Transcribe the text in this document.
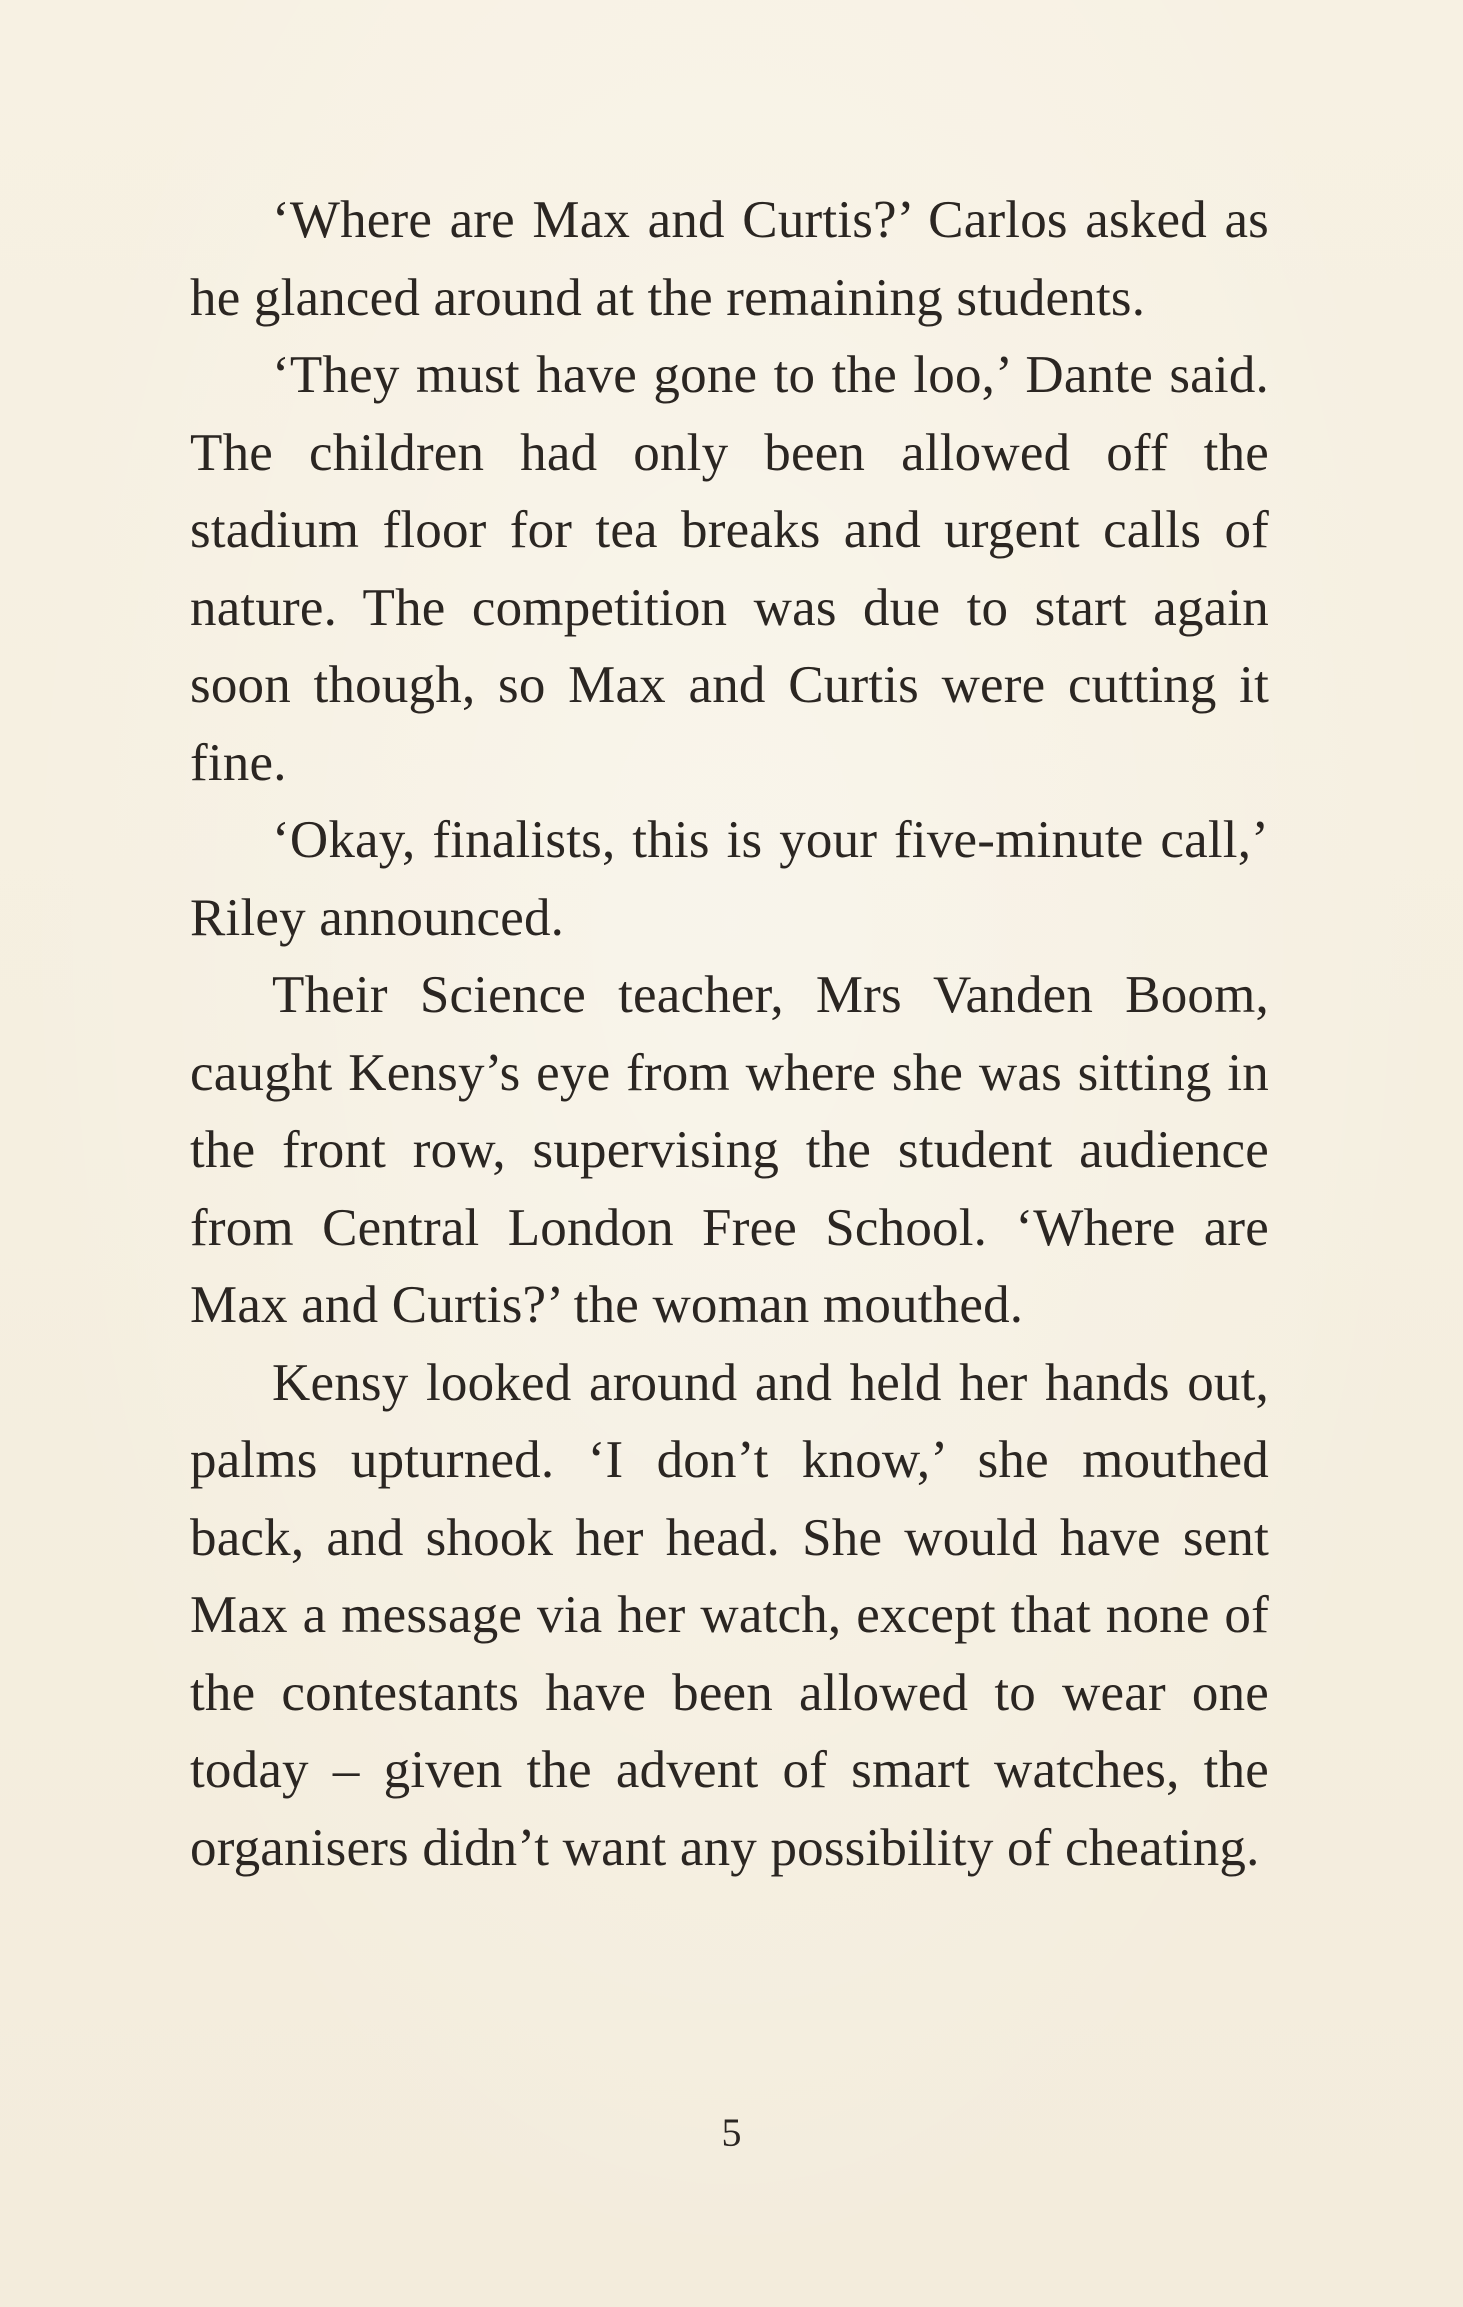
‘Where are Max and Curtis?’ Carlos asked as he glanced around at the remaining students.

‘They must have gone to the loo,’ Dante said. The children had only been allowed off the stadium floor for tea breaks and urgent calls of nature. The competition was due to start again soon though, so Max and Curtis were cutting it fine.

‘Okay, finalists, this is your five-minute call,’ Riley announced.

Their Science teacher, Mrs Vanden Boom, caught Kensy’s eye from where she was sitting in the front row, supervising the student audience from Central London Free School. ‘Where are Max and Curtis?’ the woman mouthed.

Kensy looked around and held her hands out, palms upturned. ‘I don’t know,’ she mouthed back, and shook her head. She would have sent Max a message via her watch, except that none of the contestants have been allowed to wear one today – given the advent of smart watches, the organisers didn’t want any possibility of cheating.

5
